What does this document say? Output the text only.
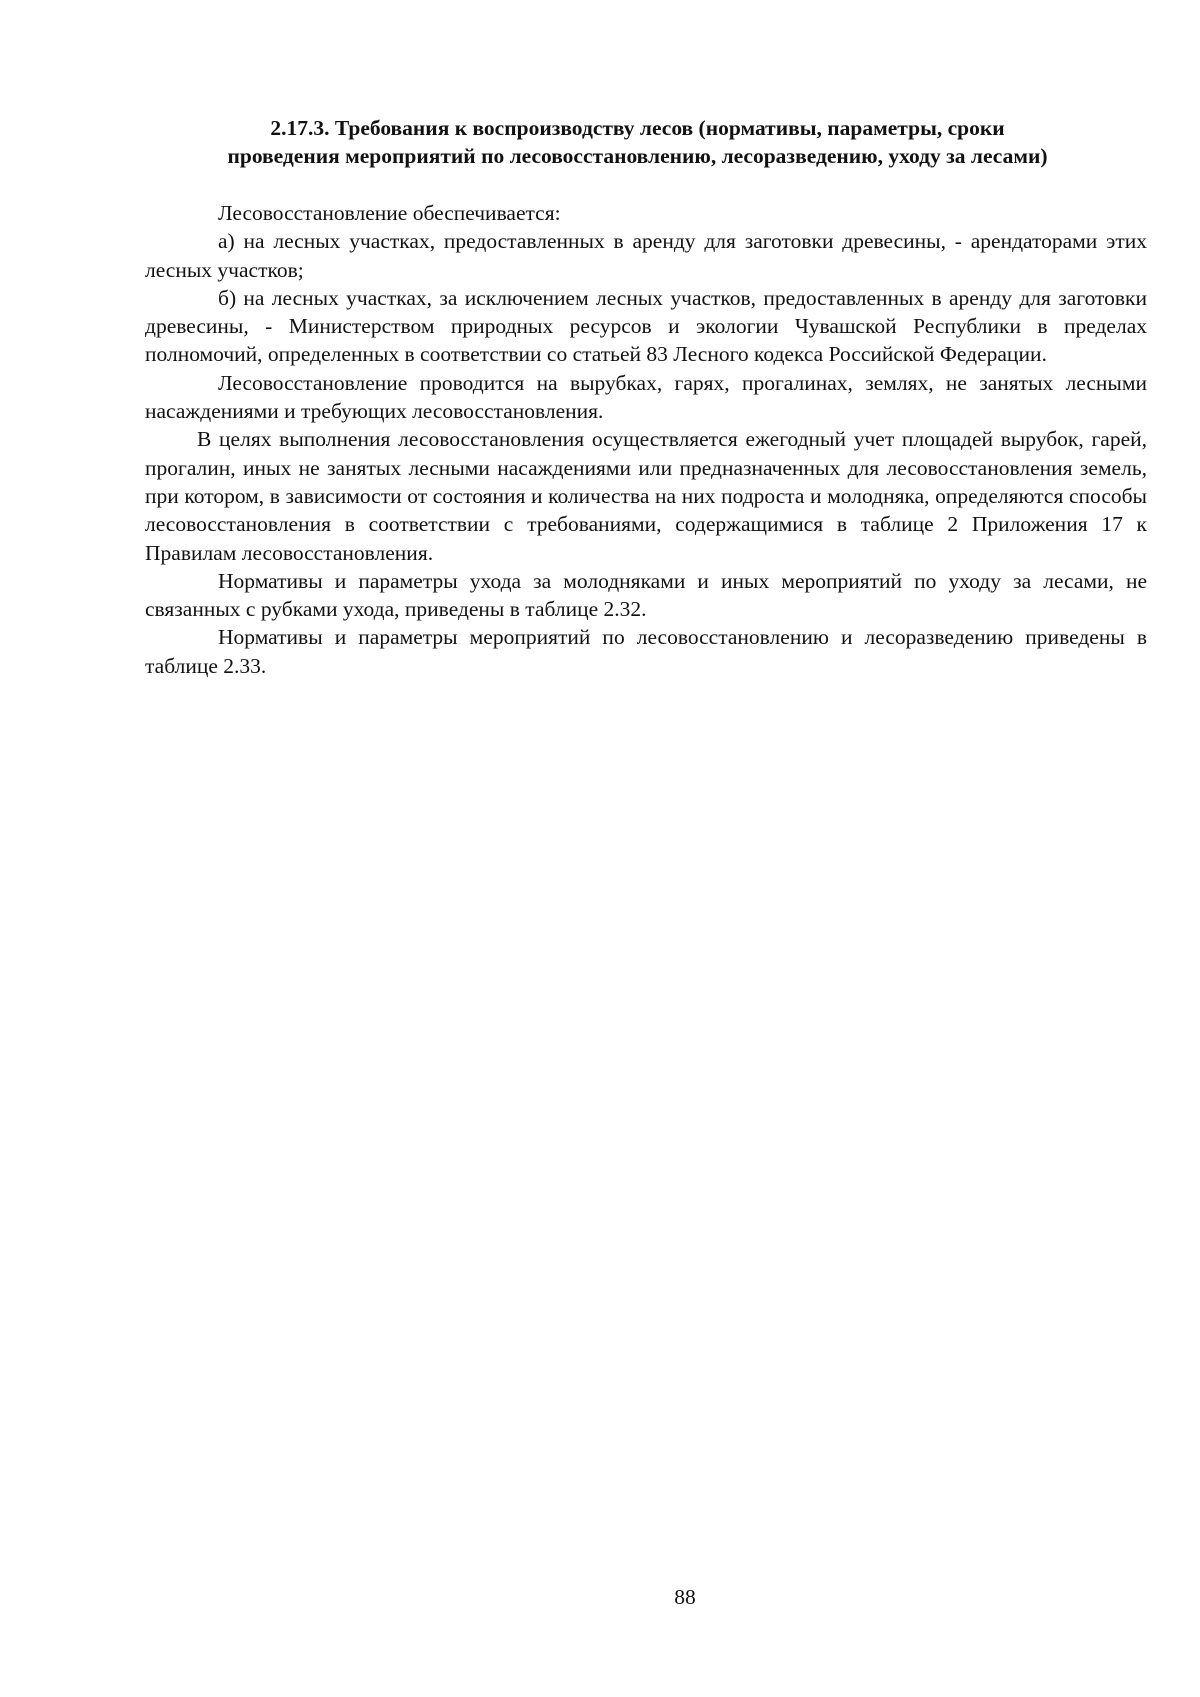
2.17.3. Требования к воспроизводству лесов (нормативы, параметры, сроки
проведения мероприятий по лесовосстановлению, лесоразведению, уходу за лесами)

Лесовосстановление обеспечивается:

а) на лесных участках, предоставленных в аренду для заготовки древесины, - арендаторами этих лесных участков;

б) на лесных участках, за исключением лесных участков, предоставленных в аренду для заготовки древесины, - Министерством природных ресурсов и экологии Чувашской Республики в пределах полномочий, определенных в соответствии со статьей 83 Лесного кодекса Российской Федерации.

Лесовосстановление проводится на вырубках, гарях, прогалинах, землях, не занятых лесными насаждениями и требующих лесовосстановления.

В целях выполнения лесовосстановления осуществляется ежегодный учет площадей вырубок, гарей, прогалин, иных не занятых лесными насаждениями или предназначенных для лесовосстановления земель, при котором, в зависимости от состояния и количества на них подроста и молодняка, определяются способы лесовосстановления в соответствии с требованиями, содержащимися в таблице 2 Приложения 17 к Правилам лесовосстановления.

Нормативы и параметры ухода за молодняками и иных мероприятий по уходу за лесами, не связанных с рубками ухода, приведены в таблице 2.32.

Нормативы и параметры мероприятий по лесовосстановлению и лесоразведению приведены в таблице 2.33.

88
